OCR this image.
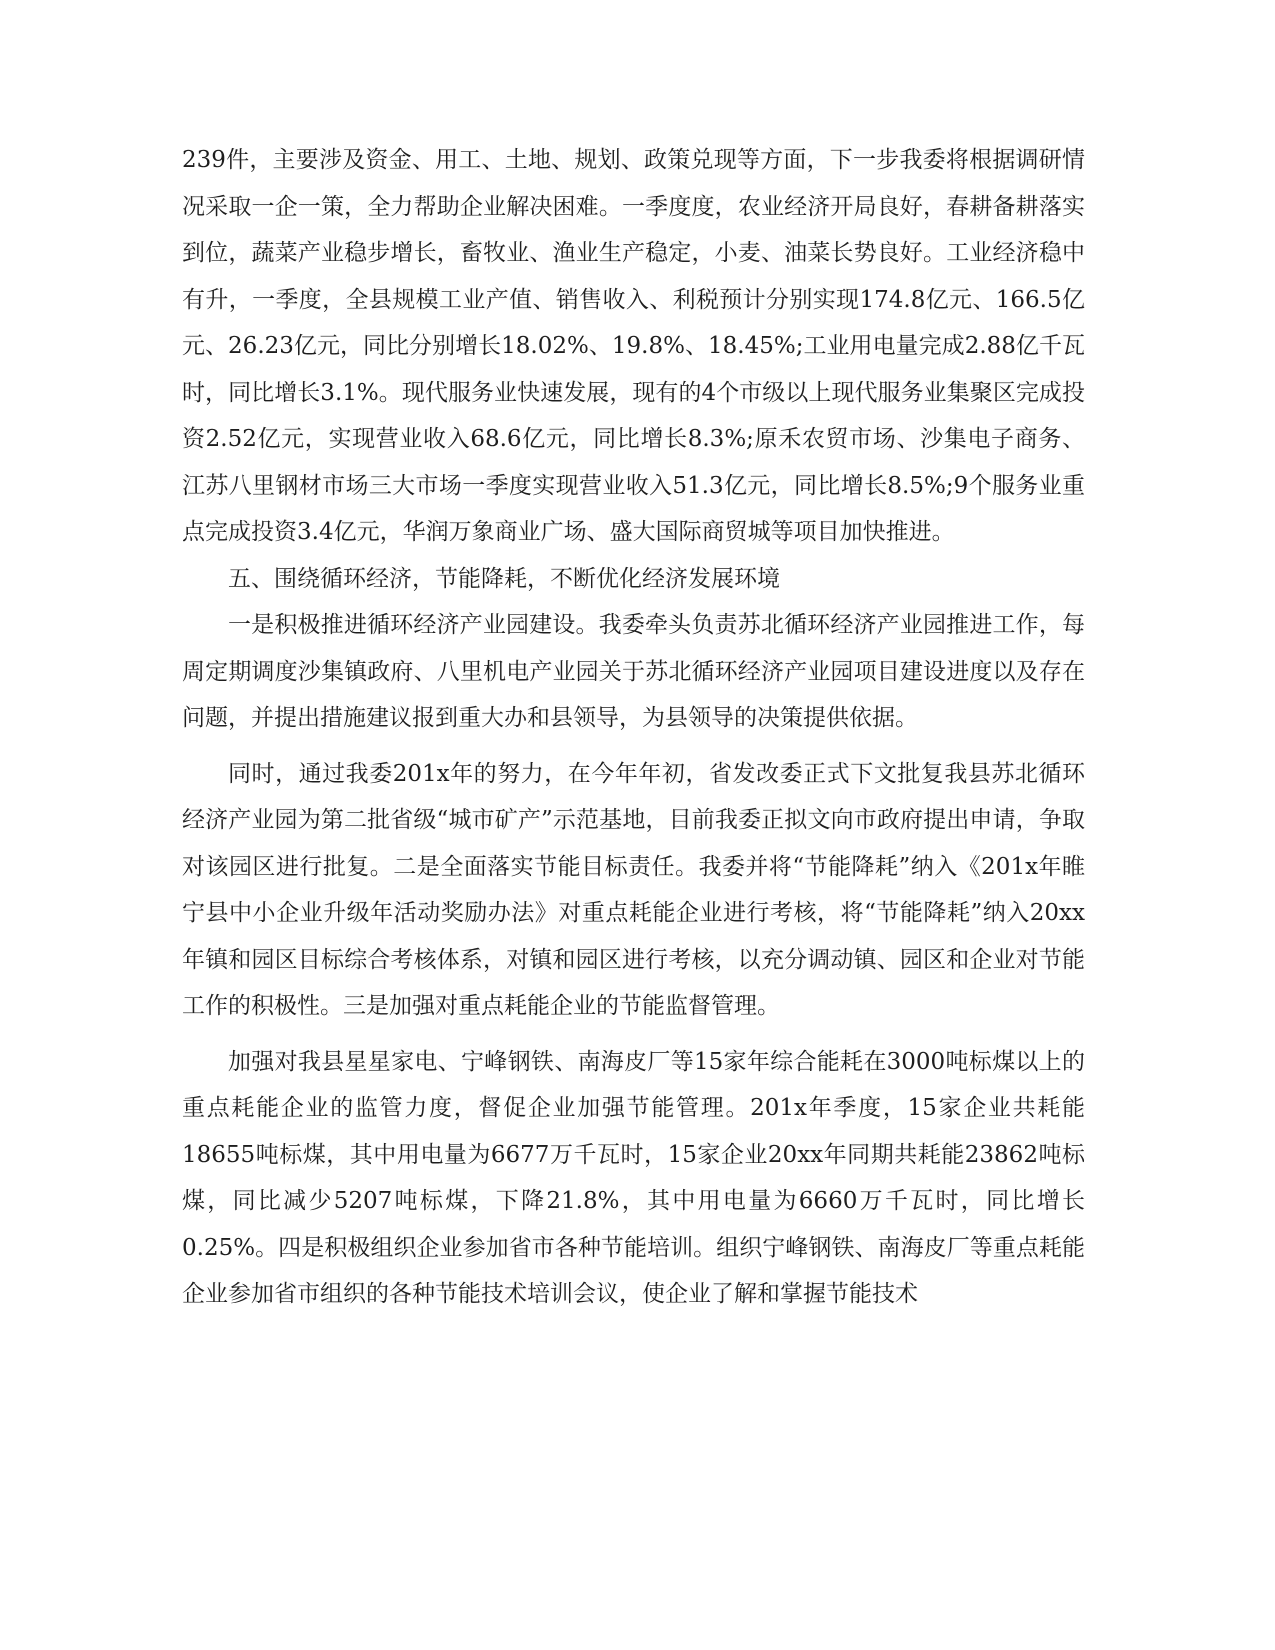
239件，主要涉及资金、用工、土地、规划、政策兑现等方面，下一步我委将根据调研情况采取一企一策，全力帮助企业解决困难。一季度度，农业经济开局良好，春耕备耕落实到位，蔬菜产业稳步增长，畜牧业、渔业生产稳定，小麦、油菜长势良好。工业经济稳中有升，一季度，全县规模工业产值、销售收入、利税预计分别实现174.8亿元、166.5亿元、26.23亿元，同比分别增长18.02%、19.8%、18.45%;工业用电量完成2.88亿千瓦时，同比增长3.1%。现代服务业快速发展，现有的4个市级以上现代服务业集聚区完成投资2.52亿元，实现营业收入68.6亿元，同比增长8.3%;原禾农贸市场、沙集电子商务、江苏八里钢材市场三大市场一季度实现营业收入51.3亿元，同比增长8.5%;9个服务业重点完成投资3.4亿元，华润万象商业广场、盛大国际商贸城等项目加快推进。

五、围绕循环经济，节能降耗，不断优化经济发展环境

一是积极推进循环经济产业园建设。我委牵头负责苏北循环经济产业园推进工作，每周定期调度沙集镇政府、八里机电产业园关于苏北循环经济产业园项目建设进度以及存在问题，并提出措施建议报到重大办和县领导，为县领导的决策提供依据。

同时，通过我委201x年的努力，在今年年初，省发改委正式下文批复我县苏北循环经济产业园为第二批省级“城市矿产”示范基地，目前我委正拟文向市政府提出申请，争取对该园区进行批复。二是全面落实节能目标责任。我委并将“节能降耗”纳入《201x年睢宁县中小企业升级年活动奖励办法》对重点耗能企业进行考核，将“节能降耗”纳入20xx年镇和园区目标综合考核体系，对镇和园区进行考核，以充分调动镇、园区和企业对节能工作的积极性。三是加强对重点耗能企业的节能监督管理。

加强对我县星星家电、宁峰钢铁、南海皮厂等15家年综合能耗在3000吨标煤以上的重点耗能企业的监管力度，督促企业加强节能管理。201x年季度，15家企业共耗能18655吨标煤，其中用电量为6677万千瓦时，15家企业20xx年同期共耗能23862吨标煤，同比减少5207吨标煤，下降21.8%，其中用电量为6660万千瓦时，同比增长0.25%。四是积极组织企业参加省市各种节能培训。组织宁峰钢铁、南海皮厂等重点耗能企业参加省市组织的各种节能技术培训会议，使企业了解和掌握节能技术
